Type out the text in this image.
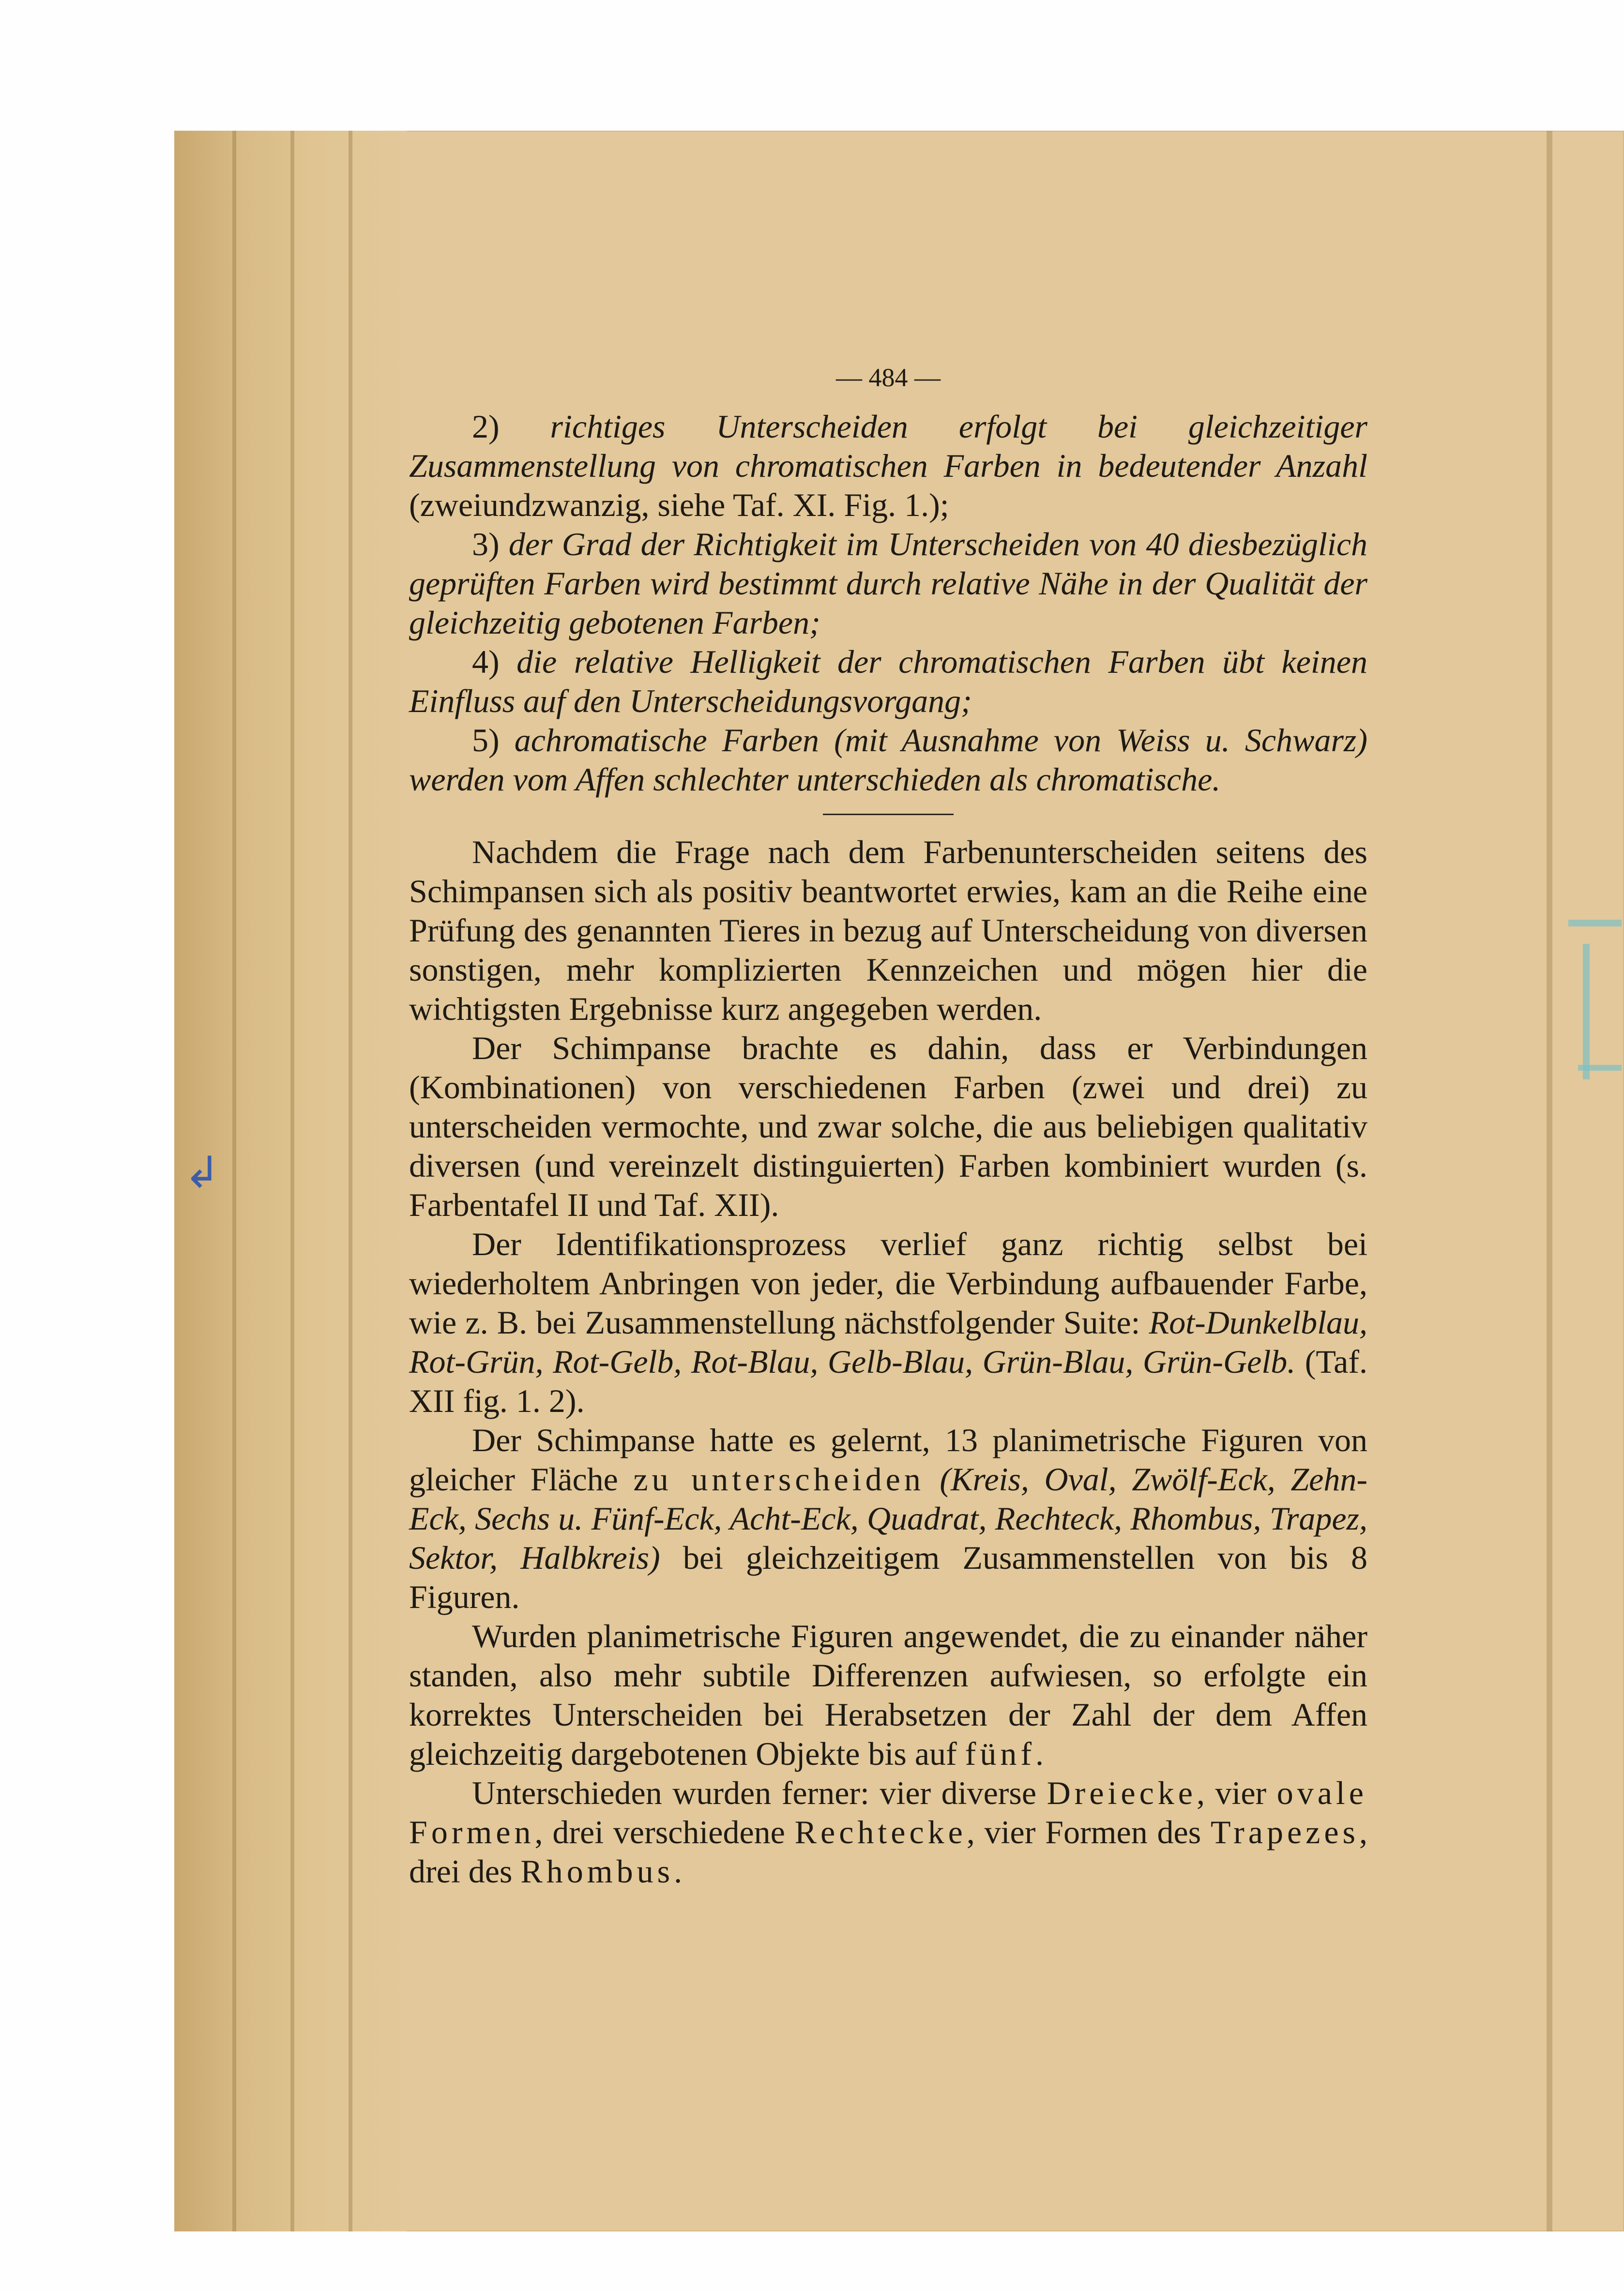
↲
— 484 —

2) richtiges Unterscheiden erfolgt bei gleichzeitiger Zusammenstellung von chromatischen Farben in bedeutender Anzahl (zweiundzwanzig, siehe Taf. XI. Fig. 1.);

3) der Grad der Richtigkeit im Unterscheiden von 40 diesbezüglich geprüften Farben wird bestimmt durch relative Nähe in der Qualität der gleichzeitig gebotenen Farben;

4) die relative Helligkeit der chromatischen Farben übt keinen Einfluss auf den Unterscheidungsvorgang;

5) achromatische Farben (mit Ausnahme von Weiss u. Schwarz) werden vom Affen schlechter unterschieden als chromatische.

Nachdem die Frage nach dem Farbenunterscheiden seitens des Schimpansen sich als positiv beantwortet erwies, kam an die Reihe eine Prüfung des genannten Tieres in bezug auf Unterscheidung von diversen sonstigen, mehr komplizierten Kennzeichen und mögen hier die wichtigsten Ergebnisse kurz angegeben werden.

Der Schimpanse brachte es dahin, dass er Verbindungen (Kombinationen) von verschiedenen Farben (zwei und drei) zu unterscheiden vermochte, und zwar solche, die aus beliebigen qualitativ diversen (und vereinzelt distinguierten) Farben kombiniert wurden (s. Farbentafel II und Taf. XII).

Der Identifikationsprozess verlief ganz richtig selbst bei wiederholtem Anbringen von jeder, die Verbindung aufbauender Farbe, wie z. B. bei Zusammenstellung nächstfolgender Suite: Rot-Dunkelblau, Rot-Grün, Rot-Gelb, Rot-Blau, Gelb-Blau, Grün-Blau, Grün-Gelb. (Taf. XII fig. 1. 2).

Der Schimpanse hatte es gelernt, 13 planimetrische Figuren von gleicher Fläche zu unterscheiden (Kreis, Oval, Zwölf-Eck, Zehn-Eck, Sechs u. Fünf-Eck, Acht-Eck, Quadrat, Rechteck, Rhombus, Trapez, Sektor, Halbkreis) bei gleichzeitigem Zusammenstellen von bis 8 Figuren.

Wurden planimetrische Figuren angewendet, die zu einander näher standen, also mehr subtile Differenzen aufwiesen, so erfolgte ein korrektes Unterscheiden bei Herabsetzen der Zahl der dem Affen gleichzeitig dargebotenen Objekte bis auf fünf.

Unterschieden wurden ferner: vier diverse Dreiecke, vier ovale Formen, drei verschiedene Rechtecke, vier Formen des Trapezes, drei des Rhombus.
